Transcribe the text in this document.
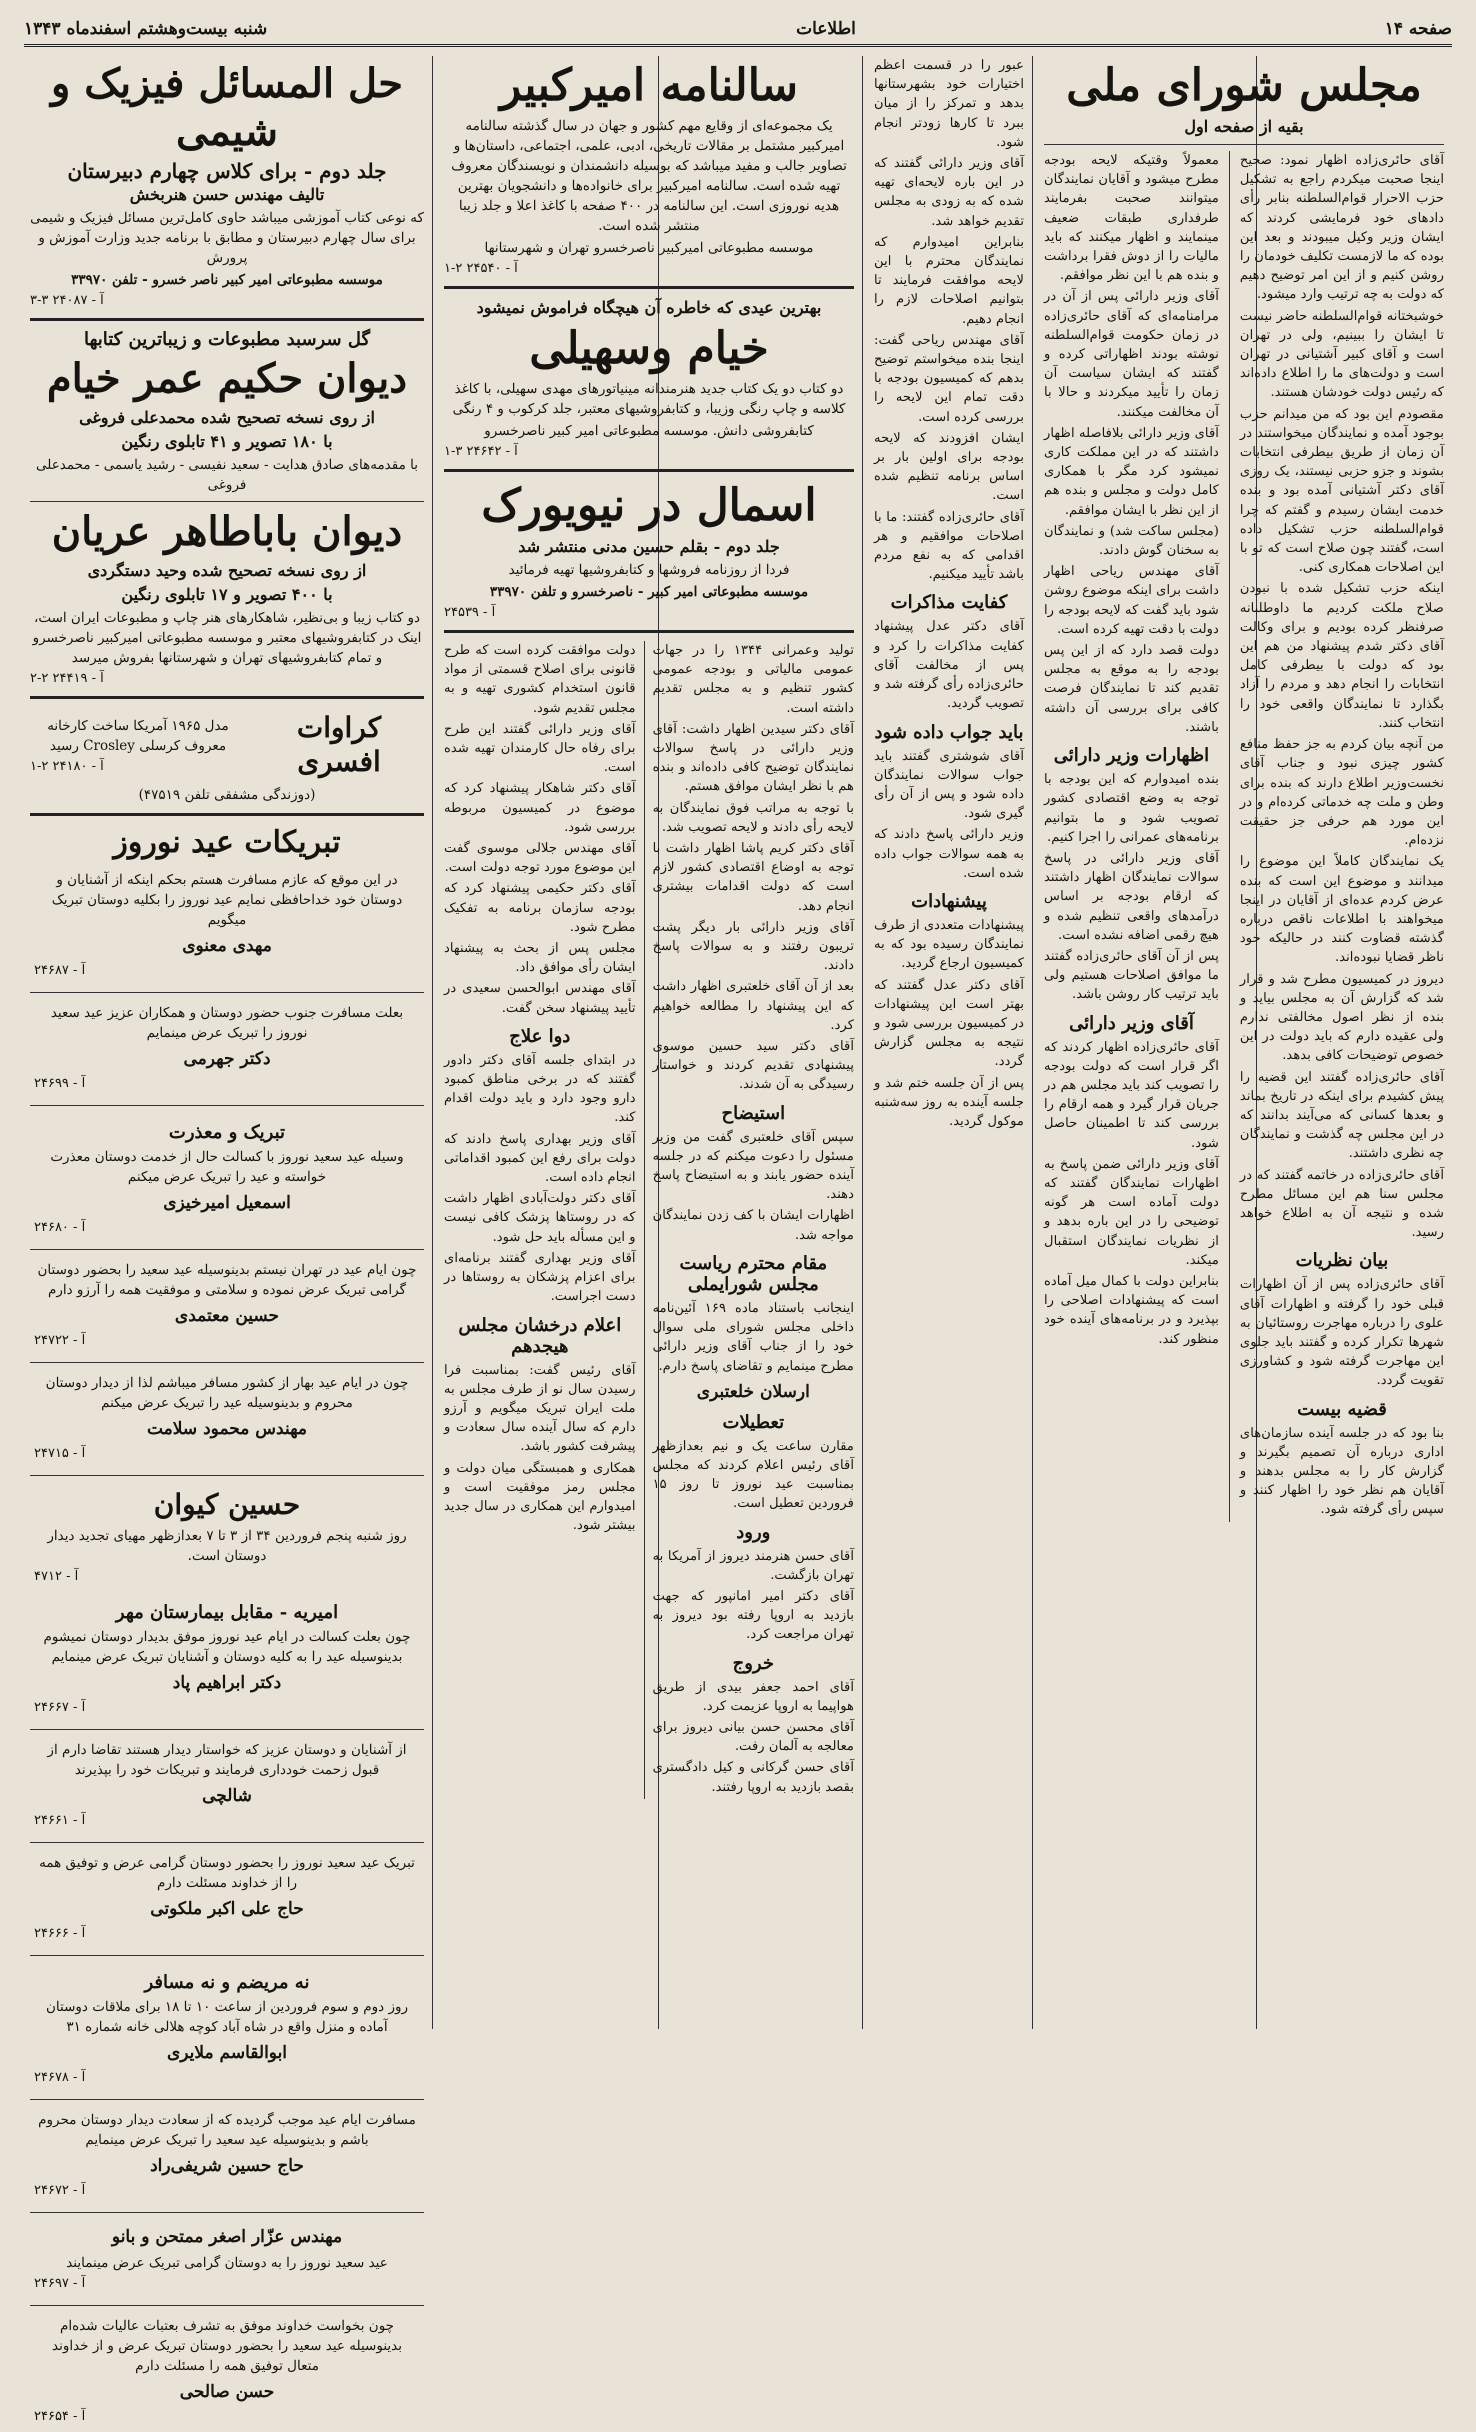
صفحه ۱۴
اطلاعات
شنبه بیست‌وهشتم اسفندماه ۱۳۴۳
مجلس شورای ملی
بقیه از صفحه اول

آقای حائری‌زاده اظهار نمود: صحیح اینجا صحبت میکردم راجع به تشکیل حزب الاحرار قوام‌السلطنه بنابر رأی دادهای خود فرمایشی کردند که ایشان وزیر وکیل میبودند و بعد این بوده که ما لازمست تکلیف خودمان را روشن کنیم و از این امر توضیح دهیم که دولت به چه ترتیب وارد میشود.

خوشبختانه قوام‌السلطنه حاضر نیست تا ایشان را ببینیم، ولی در تهران است و آقای کبیر آشتیانی در تهران است و دولت‌های ما را اطلاع داده‌اند که رئیس دولت خودشان هستند.

مقصودم این بود که من میدانم حزب بوجود آمده و نمایندگان میخواستند در آن زمان از طریق بیطرفی انتخابات بشوند و جزو حزبی نیستند، یک روزی آقای دکتر آشتیانی آمده بود و بنده خدمت ایشان رسیدم و گفتم که چرا قوام‌السلطنه حزب تشکیل داده است، گفتند چون صلاح است که تو با این اصلاحات همکاری کنی.

اینکه حزب تشکیل شده با نبودن صلاح ملکت کردیم ما داوطلبانه صرفنظر کرده بودیم و برای وکالت آقای دکتر شدم پیشنهاد من هم این بود که دولت با بیطرفی کامل انتخابات را انجام دهد و مردم را آزاد بگذارد تا نمایندگان واقعی خود را انتخاب کنند.

من آنچه بیان کردم به جز حفظ منافع کشور چیزی نبود و جناب آقای نخست‌وزیر اطلاع دارند که بنده برای وطن و ملت چه خدماتی کرده‌ام و در این مورد هم حرفی جز حقیقت نزده‌ام.

یک نمایندگان کاملاً این موضوع را میدانند و موضوع این است که بنده عرض کردم عده‌ای از آقایان در اینجا میخواهند با اطلاعات ناقص درباره گذشته قضاوت کنند در حالیکه خود ناظر قضایا نبوده‌اند.

دیروز در کمیسیون مطرح شد و قرار شد که گزارش آن به مجلس بیاید و بنده از نظر اصول مخالفتی ندارم ولی عقیده دارم که باید دولت در این خصوص توضیحات کافی بدهد.

آقای حائری‌زاده گفتند این قضیه را پیش کشیدم برای اینکه در تاریخ بماند و بعدها کسانی که می‌آیند بدانند که در این مجلس چه گذشت و نمایندگان چه نظری داشتند.

آقای حائری‌زاده در خاتمه گفتند که در مجلس سنا هم این مسائل مطرح شده و نتیجه آن به اطلاع خواهد رسید.

بیان نظریات

آقای حائری‌زاده پس از آن اظهارات قبلی خود را گرفته و اظهارات آقای علوی را درباره مهاجرت روستائیان به شهرها تکرار کرده و گفتند باید جلوی این مهاجرت گرفته شود و کشاورزی تقویت گردد.

قضیه بیست

بنا بود که در جلسه آینده سازمان‌های اداری درباره آن تصمیم بگیرند و گزارش کار را به مجلس بدهند و آقایان هم نظر خود را اظهار کنند و سپس رأی گرفته شود.

معمولاً وقتیکه لایحه بودجه مطرح میشود و آقایان نمایندگان میتوانند صحبت بفرمایند طرفداری طبقات ضعیف مینمایند و اظهار میکنند که باید مالیات را از دوش فقرا برداشت و بنده هم با این نظر موافقم.

آقای وزیر دارائی پس از آن در مرامنامه‌ای که آقای حائری‌زاده در زمان حکومت قوام‌السلطنه نوشته بودند اظهاراتی کرده و گفتند که ایشان سیاست آن زمان را تأیید میکردند و حالا با آن مخالفت میکنند.

آقای وزیر دارائی بلافاصله اظهار داشتند که در این مملکت کاری نمیشود کرد مگر با همکاری کامل دولت و مجلس و بنده هم از این نظر با ایشان موافقم.

(مجلس ساکت شد) و نمایندگان به سخنان گوش دادند.

آقای مهندس ریاحی اظهار داشت برای اینکه موضوع روشن شود باید گفت که لایحه بودجه را دولت با دقت تهیه کرده است.

دولت قصد دارد که از این پس بودجه را به موقع به مجلس تقدیم کند تا نمایندگان فرصت کافی برای بررسی آن داشته باشند.

اظهارات وزیر دارائی

بنده امیدوارم که این بودجه با توجه به وضع اقتصادی کشور تصویب شود و ما بتوانیم برنامه‌های عمرانی را اجرا کنیم.

آقای وزیر دارائی در پاسخ سوالات نمایندگان اظهار داشتند که ارقام بودجه بر اساس درآمدهای واقعی تنظیم شده و هیچ رقمی اضافه نشده است.

پس از آن آقای حائری‌زاده گفتند ما موافق اصلاحات هستیم ولی باید ترتیب کار روشن باشد.

آقای وزیر دارائی

آقای حائری‌زاده اظهار کردند که اگر قرار است که دولت بودجه را تصویب کند باید مجلس هم در جریان قرار گیرد و همه ارقام را بررسی کند تا اطمینان حاصل شود.

آقای وزیر دارائی ضمن پاسخ به اظهارات نمایندگان گفتند که دولت آماده است هر گونه توضیحی را در این باره بدهد و از نظریات نمایندگان استقبال میکند.

بنابراین دولت با کمال میل آماده است که پیشنهادات اصلاحی را بپذیرد و در برنامه‌های آینده خود منظور کند.

عبور را در قسمت اعظم اختیارات خود بشهرستانها بدهد و تمرکز را از میان ببرد تا کارها زودتر انجام شود.

آقای وزیر دارائی گفتند که در این باره لایحه‌ای تهیه شده که به زودی به مجلس تقدیم خواهد شد.

بنابراین امیدوارم که نمایندگان محترم با این لایحه موافقت فرمایند تا بتوانیم اصلاحات لازم را انجام دهیم.

آقای مهندس ریاحی گفت: اینجا بنده میخواستم توضیح بدهم که کمیسیون بودجه با دقت تمام این لایحه را بررسی کرده است.

ایشان افزودند که لایحه بودجه برای اولین بار بر اساس برنامه تنظیم شده است.

آقای حائری‌زاده گفتند: ما با اصلاحات موافقیم و هر اقدامی که به نفع مردم باشد تأیید میکنیم.

کفایت مذاکرات

آقای دکتر عدل پیشنهاد کفایت مذاکرات را کرد و پس از مخالفت آقای حائری‌زاده رأی گرفته شد و تصویب گردید.

باید جواب داده شود

آقای شوشتری گفتند باید جواب سوالات نمایندگان داده شود و پس از آن رأی گیری شود.

وزیر دارائی پاسخ دادند که به همه سوالات جواب داده شده است.

پیشنهادات

پیشنهادات متعددی از طرف نمایندگان رسیده بود که به کمیسیون ارجاع گردید.

آقای دکتر عدل گفتند که بهتر است این پیشنهادات در کمیسیون بررسی شود و نتیجه به مجلس گزارش گردد.

پس از آن جلسه ختم شد و جلسه آینده به روز سه‌شنبه موکول گردید.

سالنامه امیرکبیر

یک مجموعه‌ای از وقایع مهم کشور و جهان در سال گذشته سالنامه امیرکبیر مشتمل بر مقالات تاریخی، ادبی، علمی، اجتماعی، داستان‌ها و تصاویر جالب و مفید میباشد که بوسیله دانشمندان و نویسندگان معروف تهیه شده است. سالنامه امیرکبیر برای خانواده‌ها و دانشجویان بهترین هدیه نوروزی است. این سالنامه در ۴۰۰ صفحه با کاغذ اعلا و جلد زیبا منتشر شده است.

موسسه مطبوعاتی امیرکبیر ناصرخسرو تهران و شهرستانها

آ - ۲۴۵۴۰ ۲-۱
بهترین عیدی که خاطره آن هیچگاه فراموش نمیشود
خیام وسهیلی

دو کتاب دو یک کتاب جدید هنرمندانه مینیاتورهای مهدی سهیلی، با کاغذ کلاسه و چاپ رنگی وزیبا، و کتابفروشیهای معتبر، جلد کرکوب و ۴ رنگی

کتابفروشی دانش. موسسه مطبوعاتی امیر کبیر ناصرخسرو

آ - ۲۴۶۴۲ ۳-۱
اسمال در نیویورک
جلد دوم - بقلم حسین مدنی منتشر شد

فردا از روزنامه فروشها و کتابفروشیها تهیه فرمائید

موسسه مطبوعاتی امیر کبیر - ناصرخسرو و تلفن ۳۳۹۷۰

آ - ۲۴۵۳۹

تولید وعمرانی ۱۳۴۴ را در جهات عمومی مالیاتی و بودجه عمومی کشور تنظیم و به مجلس تقدیم داشته است.

آقای دکتر سیدین اظهار داشت: آقای وزیر دارائی در پاسخ سوالات نمایندگان توضیح کافی داده‌اند و بنده هم با نظر ایشان موافق هستم.

با توجه به مراتب فوق نمایندگان به لایحه رأی دادند و لایحه تصویب شد.

آقای دکتر کریم پاشا اظهار داشت با توجه به اوضاع اقتصادی کشور لازم است که دولت اقدامات بیشتری انجام دهد.

آقای وزیر دارائی بار دیگر پشت تریبون رفتند و به سوالات پاسخ دادند.

بعد از آن آقای خلعتبری اظهار داشت که این پیشنهاد را مطالعه خواهیم کرد.

آقای دکتر سید حسین موسوی پیشنهادی تقدیم کردند و خواستار رسیدگی به آن شدند.

استیضاح

سپس آقای خلعتبری گفت من وزیر مسئول را دعوت میکنم که در جلسه آینده حضور یابند و به استیضاح پاسخ دهند.

اظهارات ایشان با کف زدن نمایندگان مواجه شد.

مقام محترم ریاست مجلس شورایملی

اینجانب باستناد ماده ۱۶۹ آئین‌نامه داخلی مجلس شورای ملی سوال خود را از جناب آقای وزیر دارائی مطرح مینمایم و تقاضای پاسخ دارم.

ارسلان خلعتبری
تعطیلات

مقارن ساعت یک و نیم بعدازظهر آقای رئیس اعلام کردند که مجلس بمناسبت عید نوروز تا روز ۱۵ فروردین تعطیل است.

ورود

آقای حسن هنرمند دیروز از آمریکا به تهران بازگشت.

آقای دکتر امیر امانپور که جهت بازدید به اروپا رفته بود دیروز به تهران مراجعت کرد.

خروج

آقای احمد جعفر بیدی از طریق هواپیما به اروپا عزیمت کرد.

آقای محسن حسن بیانی دیروز برای معالجه به آلمان رفت.

آقای حسن گرکانی و کیل دادگستری بقصد بازدید به اروپا رفتند.

دولت موافقت کرده است که طرح قانونی برای اصلاح قسمتی از مواد قانون استخدام کشوری تهیه و به مجلس تقدیم شود.

آقای وزیر دارائی گفتند این طرح برای رفاه حال کارمندان تهیه شده است.

آقای دکتر شاهکار پیشنهاد کرد که موضوع در کمیسیون مربوطه بررسی شود.

آقای مهندس جلالی موسوی گفت این موضوع مورد توجه دولت است.

آقای دکتر حکیمی پیشنهاد کرد که بودجه سازمان برنامه به تفکیک مطرح شود.

مجلس پس از بحث به پیشنهاد ایشان رأی موافق داد.

آقای مهندس ابوالحسن سعیدی در تأیید پیشنهاد سخن گفت.

دوا علاج

در ابتدای جلسه آقای دکتر دادور گفتند که در برخی مناطق کمبود دارو وجود دارد و باید دولت اقدام کند.

آقای وزیر بهداری پاسخ دادند که دولت برای رفع این کمبود اقداماتی انجام داده است.

آقای دکتر دولت‌آبادی اظهار داشت که در روستاها پزشک کافی نیست و این مسأله باید حل شود.

آقای وزیر بهداری گفتند برنامه‌ای برای اعزام پزشکان به روستاها در دست اجراست.

اعلام درخشان مجلس هیجدهم

آقای رئیس گفت: بمناسبت فرا رسیدن سال نو از طرف مجلس به ملت ایران تبریک میگویم و آرزو دارم که سال آینده سال سعادت و پیشرفت کشور باشد.

همکاری و همبستگی میان دولت و مجلس رمز موفقیت است و امیدوارم این همکاری در سال جدید بیشتر شود.

حل المسائل فیزیک و شیمی
جلد دوم - برای کلاس چهارم دبیرستان
تالیف مهندس حسن هنربخش

که نوعی کتاب آموزشی میباشد حاوی کامل‌ترین مسائل فیزیک و شیمی برای سال چهارم دبیرستان و مطابق با برنامه جدید وزارت آموزش و پرورش

موسسه مطبوعاتی امیر کبیر ناصر خسرو - تلفن ۳۳۹۷۰

آ - ۲۴۰۸۷ ۳-۳
گل سرسبد مطبوعات و زیباترین کتابها
دیوان حکیم عمر خیام
از روی نسخه تصحیح شده محمدعلی فروغی
با ۱۸۰ تصویر و ۴۱ تابلوی رنگین

با مقدمه‌های صادق هدایت - سعید نفیسی - رشید یاسمی - محمدعلی فروغی

دیوان باباطاهر عریان
از روی نسخه تصحیح شده وحید دستگردی
با ۴۰۰ تصویر و ۱۷ تابلوی رنگین

دو کتاب زیبا و بی‌نظیر، شاهکارهای هنر چاپ و مطبوعات ایران است، اینک در کتابفروشیهای معتبر و موسسه مطبوعاتی امیرکبیر ناصرخسرو و تمام کتابفروشیهای تهران و شهرستانها بفروش میرسد

آ - ۲۴۴۱۹ ۲-۲
کراوات افسری

مدل ۱۹۶۵ آمریکا ساخت کارخانه معروف کرسلی Crosley رسید

آ - ۲۴۱۸۰ ۲-۱

(دوزندگی مشفقی تلفن ۴۷۵۱۹)

تبریکات عید نوروز

در این موقع که عازم مسافرت هستم بحکم اینکه از آشنایان و دوستان خود خداحافظی نمایم عید نوروز را بکلیه دوستان تبریک میگویم

مهدی معنوی
آ - ۲۴۶۸۷

بعلت مسافرت جنوب حضور دوستان و همکاران عزیز عید سعید نوروز را تبریک عرض مینمایم

دکتر جهرمی
آ - ۲۴۶۹۹
تبریک و معذرت

وسیله عید سعید نوروز با کسالت حال از خدمت دوستان معذرت خواسته و عید را تبریک عرض میکنم

اسمعیل امیرخیزی
آ - ۲۴۶۸۰

چون ایام عید در تهران نیستم بدینوسیله عید سعید را بحضور دوستان گرامی تبریک عرض نموده و سلامتی و موفقیت همه را آرزو دارم

حسین معتمدی
آ - ۲۴۷۲۲

چون در ایام عید بهار از کشور مسافر میباشم لذا از دیدار دوستان محروم و بدینوسیله عید را تبریک عرض میکنم

مهندس محمود سلامت
آ - ۲۴۷۱۵
حسین کیوان

روز شنبه پنجم فروردین ۳۴ از ۳ تا ۷ بعدازظهر مهیای تجدید دیدار دوستان است.

آ - ۴۷۱۲
امیریه - مقابل بیمارستان مهر

چون بعلت کسالت در ایام عید نوروز موفق بدیدار دوستان نمیشوم بدینوسیله عید را به کلیه دوستان و آشنایان تبریک عرض مینمایم

دکتر ابراهیم پاد
آ - ۲۴۶۶۷

از آشنایان و دوستان عزیز که خواستار دیدار هستند تقاضا دارم از قبول زحمت خودداری فرمایند و تبریکات خود را بپذیرند

شالچی
آ - ۲۴۶۶۱

تبریک عید سعید نوروز را بحضور دوستان گرامی عرض و توفیق همه را از خداوند مسئلت دارم

حاج علی اکبر ملکوتی
آ - ۲۴۶۶۶
نه مریضم و نه مسافر

روز دوم و سوم فروردین از ساعت ۱۰ تا ۱۸ برای ملاقات دوستان آماده و منزل واقع در شاه آباد کوچه هلالی خانه شماره ۳۱

ابوالقاسم ملایری
آ - ۲۴۶۷۸

مسافرت ایام عید موجب گردیده که از سعادت دیدار دوستان محروم باشم و بدینوسیله عید سعید را تبریک عرض مینمایم

حاج حسین شریفی‌راد
آ - ۲۴۶۷۲
مهندس عزّار اصغر ممتحن و بانو

عید سعید نوروز را به دوستان گرامی تبریک عرض مینمایند

آ - ۲۴۶۹۷

چون بخواست خداوند موفق به تشرف بعتبات عالیات شده‌ام بدینوسیله عید سعید را بحضور دوستان تبریک عرض و از خداوند متعال توفیق همه را مسئلت دارم

حسن صالحی
آ - ۲۴۶۵۴
